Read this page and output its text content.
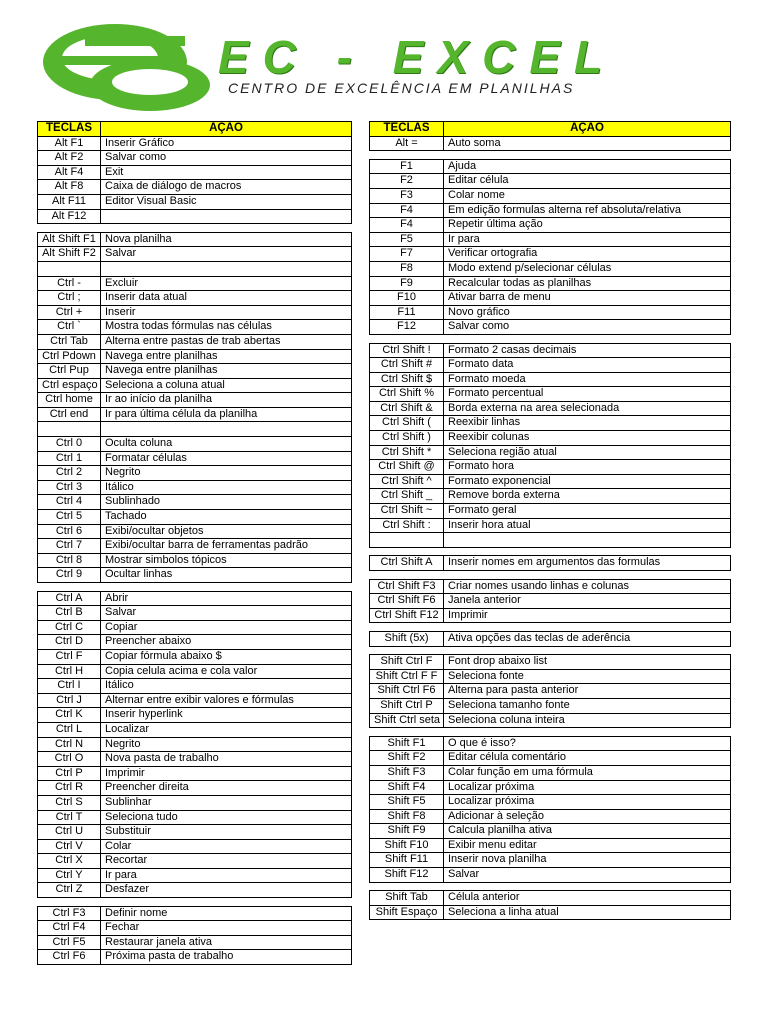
EC - EXCEL
CENTRO DE EXCELÊNCIA EM PLANILHAS
TECLAS	AÇÃO
Alt F1	Inserir Gráfico
Alt F2	Salvar como
Alt F4	Exit
Alt F8	Caixa de diálogo de macros
Alt F11	Editor Visual Basic
Alt F12	
Alt Shift F1	Nova planilha
Alt Shift F2	Salvar

Ctrl -	Excluir
Ctrl ;	Inserir data atual
Ctrl +	Inserir
Ctrl `	Mostra todas fórmulas nas células
Ctrl Tab	Alterna entre pastas de trab abertas
Ctrl Pdown	Navega entre planilhas
Ctrl Pup	Navega entre planilhas
Ctrl espaço	Seleciona a coluna atual
Ctrl home	Ir ao início da planilha
Ctrl end	Ir para última célula da planilha

Ctrl 0	Oculta coluna
Ctrl 1	Formatar células
Ctrl 2	Negrito
Ctrl 3	Itálico
Ctrl 4	Sublinhado
Ctrl 5	Tachado
Ctrl 6	Exibi/ocultar objetos
Ctrl 7	Exibi/ocultar barra de ferramentas padrão
Ctrl 8	Mostrar simbolos tópicos
Ctrl 9	Ocultar linhas
Ctrl A	Abrir
Ctrl B	Salvar
Ctrl C	Copiar
Ctrl D	Preencher abaixo
Ctrl F	Copiar fórmula abaixo $
Ctrl H	Copia celula acima e cola valor
Ctrl I	Itálico
Ctrl J	Alternar entre exibir valores e fórmulas
Ctrl K	Inserir hyperlink
Ctrl L	Localizar
Ctrl N	Negrito
Ctrl O	Nova pasta de trabalho
Ctrl P	Imprimir
Ctrl R	Preencher direita
Ctrl S	Sublinhar
Ctrl T	Seleciona tudo
Ctrl U	Substituir
Ctrl V	Colar
Ctrl X	Recortar
Ctrl Y	Ir para
Ctrl Z	Desfazer
Ctrl F3	Definir nome
Ctrl F4	Fechar
Ctrl F5	Restaurar janela ativa
Ctrl F6	Próxima pasta de trabalho
TECLAS	AÇÃO
Alt =	Auto soma
F1	Ajuda
F2	Editar célula
F3	Colar nome
F4	Em edição formulas alterna ref absoluta/relativa
F4	Repetir última ação
F5	Ir para
F7	Verificar ortografia
F8	Modo extend p/selecionar células
F9	Recalcular todas as planilhas
F10	Ativar barra de menu
F11	Novo gráfico
F12	Salvar como
Ctrl Shift !	Formato 2 casas decimais
Ctrl Shift #	Formato data
Ctrl Shift $	Formato moeda
Ctrl Shift %	Formato percentual
Ctrl Shift &	Borda externa na area selecionada
Ctrl Shift (	Reexibir linhas
Ctrl Shift )	Reexibir colunas
Ctrl Shift *	Seleciona região atual
Ctrl Shift @	Formato hora
Ctrl Shift ^	Formato exponencial
Ctrl Shift _	Remove borda externa
Ctrl Shift ~	Formato geral
Ctrl Shift :	Inserir hora atual

Ctrl Shift A	Inserir nomes em argumentos das formulas
Ctrl Shift F3	Criar nomes usando linhas e colunas
Ctrl Shift F6	Janela anterior
Ctrl Shift F12	Imprimir
Shift (5x)	Ativa opções das teclas de aderência
Shift Ctrl F	Font drop abaixo list
Shift Ctrl F F	Seleciona fonte
Shift Ctrl F6	Alterna para pasta anterior
Shift Ctrl P	Seleciona tamanho fonte
Shift Ctrl seta	Seleciona coluna inteira
Shift F1	O que é isso?
Shift F2	Editar célula comentário
Shift F3	Colar função em uma fórmula
Shift F4	Localizar próxima
Shift F5	Localizar próxima
Shift F8	Adicionar à seleção
Shift F9	Calcula planilha ativa
Shift F10	Exibir menu editar
Shift F11	Inserir nova planilha
Shift F12	Salvar
Shift Tab	Célula anterior
Shift Espaço	Seleciona a linha atual
